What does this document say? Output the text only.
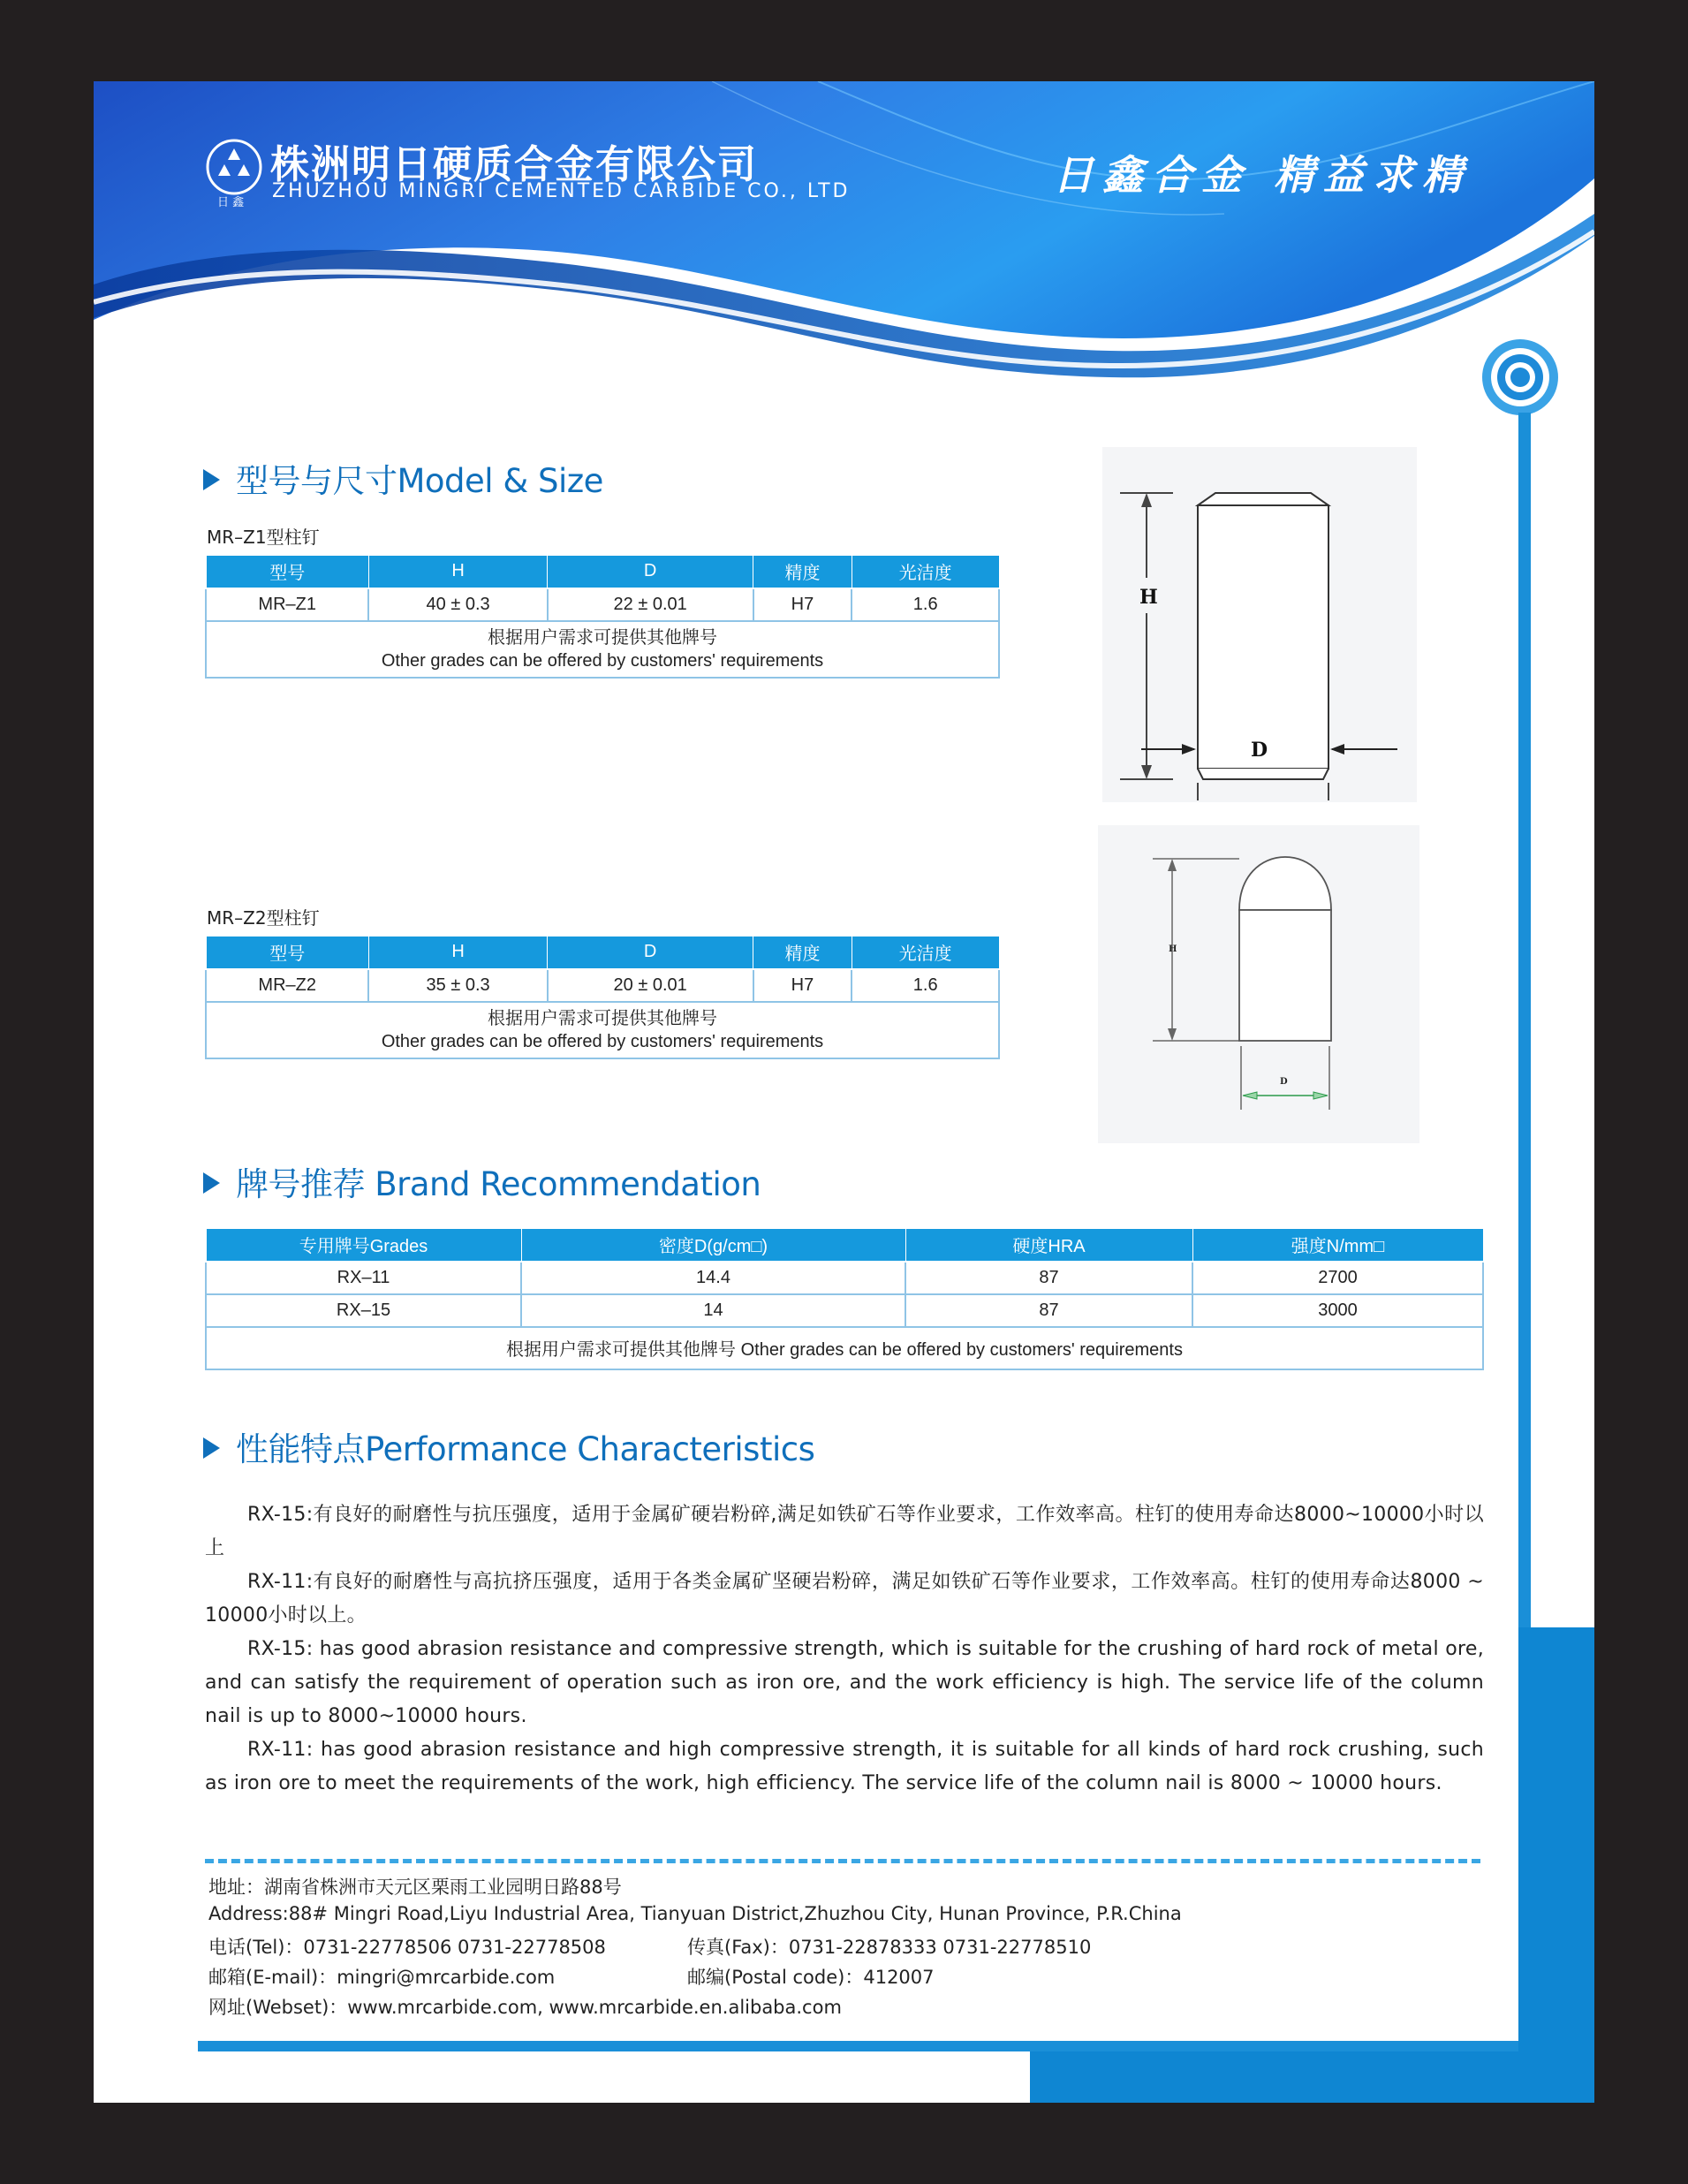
日 鑫
株洲明日硬质合金有限公司
ZHUZHOU MINGRI CEMENTED CARBIDE CO., LTD	日鑫合金 精益求精
型号与尺寸Model & Size
MR–Z1型柱钉
型号	H	D	精度	光洁度
MR–Z1	40 ± 0.3	22 ± 0.01	H7	1.6

根据用户需求可提供其他牌号
Other grades can be offered by customers' requirements				
MR–Z2型柱钉
型号	H	D	精度	光洁度
MR–Z2	35 ± 0.3	20 ± 0.01	H7	1.6

根据用户需求可提供其他牌号
Other grades can be offered by customers' requirements				
H
D
H
D
牌号推荐 Brand Recommendation
专用牌号Grades	密度D(g/cm□)	硬度HRA	强度N/mm□
RX–11	14.4	87	2700
RX–15	14	87	3000
根据用户需求可提供其他牌号 Other grades can be offered by customers' requirements			
性能特点Performance Characteristics
RX-15:有良好的耐磨性与抗压强度，适用于金属矿硬岩粉碎,满足如铁矿石等作业要求，工作效率高。柱钉的使用寿命达8000~10000小时以上
RX-11:有良好的耐磨性与高抗挤压强度，适用于各类金属矿坚硬岩粉碎，满足如铁矿石等作业要求，工作效率高。柱钉的使用寿命达8000 ~ 10000小时以上。
RX-15: has good abrasion resistance and compressive strength, which is suitable for the crushing of hard rock of metal ore, and can satisfy the requirement of operation such as iron ore, and the work efficiency is high. The service life of the column nail is up to 8000~10000 hours.
RX-11: has good abrasion resistance and high compressive strength, it is suitable for all kinds of hard rock crushing, such as iron ore to meet the requirements of the work, high efficiency. The service life of the column nail is 8000 ~ 10000 hours.
地址：湖南省株洲市天元区栗雨工业园明日路88号
Address:88# Mingri Road,Liyu Industrial Area, Tianyuan District,Zhuzhou City, Hunan Province, P.R.China
电话(Tel)：0731-22778506 0731-22778508	传真(Fax)：0731-22878333 0731-22778510
邮箱(E-mail)：mingri@mrcarbide.com	邮编(Postal code)：412007
网址(Webset)：www.mrcarbide.com, www.mrcarbide.en.alibaba.com
